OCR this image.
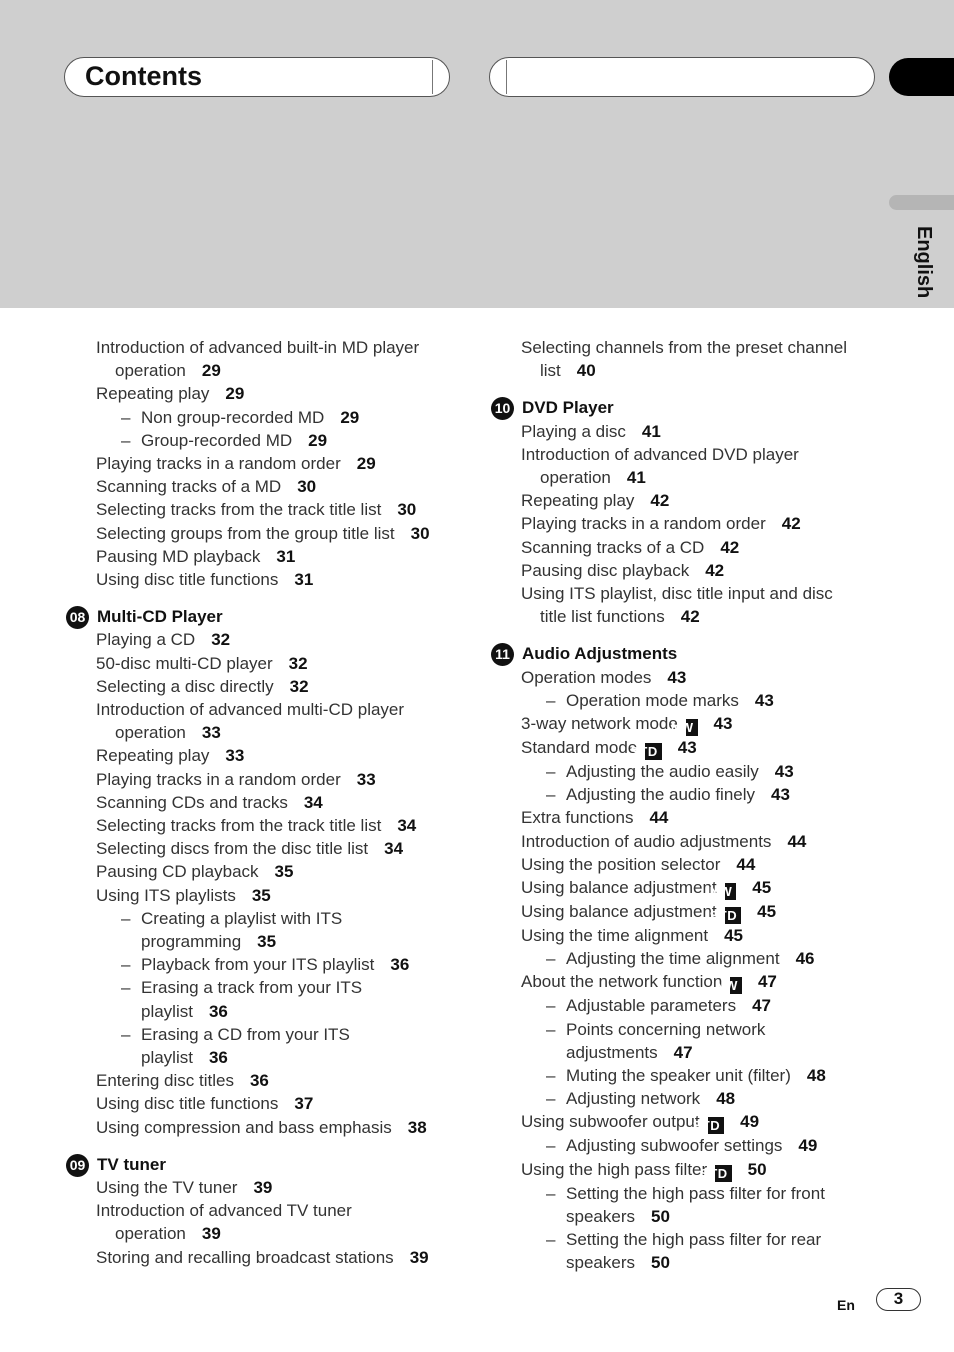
Contents
English
Introduction of advanced built-in MD player
operation 29
Repeating play 29
– Non group-recorded MD 29
– Group-recorded MD 29
Playing tracks in a random order 29
Scanning tracks of a MD 30
Selecting tracks from the track title list 30
Selecting groups from the group title list 30
Pausing MD playback 31
Using disc title functions 31
08 Multi-CD Player
Playing a CD 32
50-disc multi-CD player 32
Selecting a disc directly 32
Introduction of advanced multi-CD player
operation 33
Repeating play 33
Playing tracks in a random order 33
Scanning CDs and tracks 34
Selecting tracks from the track title list 34
Selecting discs from the disc title list 34
Pausing CD playback 35
Using ITS playlists 35
– Creating a playlist with ITS
programming 35
– Playback from your ITS playlist 36
– Erasing a track from your ITS
playlist 36
– Erasing a CD from your ITS
playlist 36
Entering disc titles 36
Using disc title functions 37
Using compression and bass emphasis 38
09 TV tuner
Using the TV tuner 39
Introduction of advanced TV tuner
operation 39
Storing and recalling broadcast stations 39
Selecting channels from the preset channel
list 40
10 DVD Player
Playing a disc 41
Introduction of advanced DVD player
operation 41
Repeating play 42
Playing tracks in a random order 42
Scanning tracks of a CD 42
Pausing disc playback 42
Using ITS playlist, disc title input and disc
title list functions 42
11 Audio Adjustments
Operation modes 43
– Operation mode marks 43
3-way network modeNW 43
Standard modeSTD 43
– Adjusting the audio easily 43
– Adjusting the audio finely 43
Extra functions 44
Introduction of audio adjustments 44
Using the position selector 44
Using balance adjustmentNW 45
Using balance adjustmentSTD 45
Using the time alignment 45
– Adjusting the time alignment 46
About the network functionNW 47
– Adjustable parameters 47
– Points concerning network
adjustments 47
– Muting the speaker unit (filter) 48
– Adjusting network 48
Using subwoofer outputSTD 49
– Adjusting subwoofer settings 49
Using the high pass filterSTD 50
– Setting the high pass filter for front
speakers 50
– Setting the high pass filter for rear
speakers 50
En	3
